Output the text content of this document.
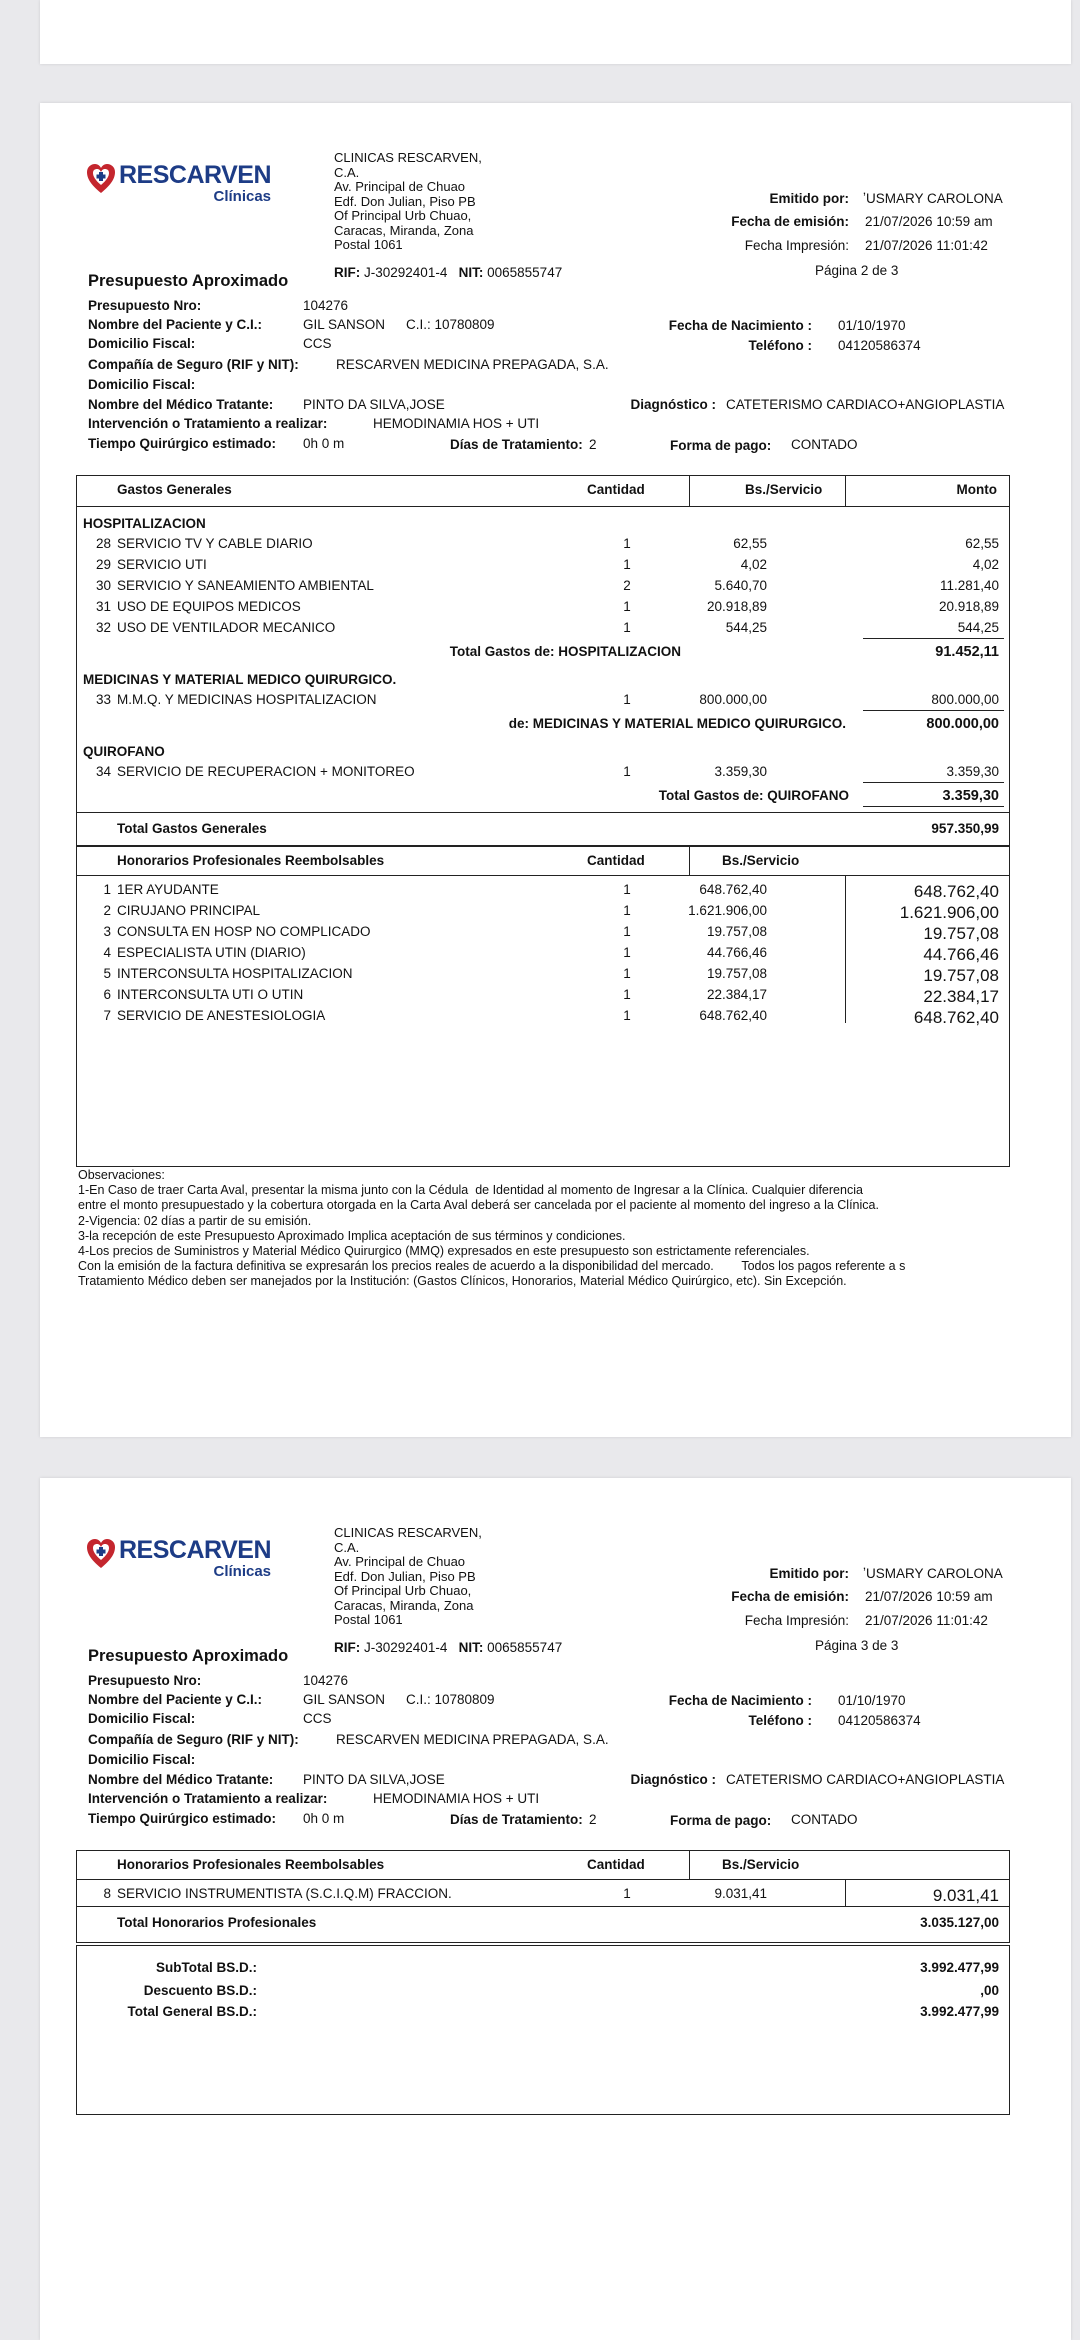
RESCARVEN
Clínicas
CLINICAS RESCARVEN,
C.A.
Av. Principal de Chuao
Edf. Don Julian, Piso PB
Of Principal Urb Chuao,
Caracas, Miranda, Zona
Postal 1061
RIF: J-30292401-4 NIT: 0065855747
Emitido por: ʼUSMARY CAROLONA
Fecha de emisión: 21/07/2026 10:59 am
Fecha Impresión: 21/07/2026 11:01:42
Página 2 de 3
Presupuesto Aproximado
Presupuesto Nro:	104276
Nombre del Paciente y C.I.:	GIL SANSON C.I.: 10780809	Fecha de Nacimiento : 01/10/1970
Domicilio Fiscal:	CCS	Teléfono : 04120586374
Compañía de Seguro (RIF y NIT):	RESCARVEN MEDICINA PREPAGADA, S.A.
Domicilio Fiscal:
Nombre del Médico Tratante: PINTO DA SILVA,JOSE	Diagnóstico : CATETERISMO CARDIACO+ANGIOPLASTIA
Intervención o Tratamiento a realizar:	HEMODINAMIA HOS + UTI
Tiempo Quirúrgico estimado: 0h 0 m	Días de Tratamiento: 2	Forma de pago: CONTADO
Gastos Generales	Cantidad	Bs./Servicio	Monto
HOSPITALIZACION
28 SERVICIO TV Y CABLE DIARIO	1	62,55	62,55
29 SERVICIO UTI	1	4,02	4,02
30 SERVICIO Y SANEAMIENTO AMBIENTAL	2	5.640,70	11.281,40
31 USO DE EQUIPOS MEDICOS	1	20.918,89	20.918,89
32 USO DE VENTILADOR MECANICO	1	544,25	544,25
Total Gastos de: HOSPITALIZACION	91.452,11
MEDICINAS Y MATERIAL MEDICO QUIRURGICO.
33 M.M.Q. Y MEDICINAS HOSPITALIZACION	1	800.000,00	800.000,00
de: MEDICINAS Y MATERIAL MEDICO QUIRURGICO.	800.000,00
QUIROFANO
34 SERVICIO DE RECUPERACION + MONITOREO	1	3.359,30	3.359,30
Total Gastos de: QUIROFANO	3.359,30
Total Gastos Generales	957.350,99
Honorarios Profesionales Reembolsables	Cantidad	Bs./Servicio
1 1ER AYUDANTE	1	648.762,40	648.762,40
2 CIRUJANO PRINCIPAL	1	1.621.906,00	1.621.906,00
3 CONSULTA EN HOSP NO COMPLICADO	1	19.757,08	19.757,08
4 ESPECIALISTA UTIN (DIARIO)	1	44.766,46	44.766,46
5 INTERCONSULTA HOSPITALIZACION	1	19.757,08	19.757,08
6 INTERCONSULTA UTI O UTIN	1	22.384,17	22.384,17
7 SERVICIO DE ANESTESIOLOGIA	1	648.762,40	648.762,40
Observaciones:
1-En Caso de traer Carta Aval, presentar la misma junto con la Cédula  de Identidad al momento de Ingresar a la Clínica. Cualquier diferencia
entre el monto presupuestado y la cobertura otorgada en la Carta Aval deberá ser cancelada por el paciente al momento del ingreso a la Clínica.
2-Vigencia: 02 días a partir de su emisión.
3-la recepción de este Presupuesto Aproximado Implica aceptación de sus términos y condiciones.
4-Los precios de Suministros y Material Médico Quirurgico (MMQ) expresados en este presupuesto son estrictamente referenciales.
Con la emisión de la factura definitiva se expresarán los precios reales de acuerdo a la disponibilidad del mercado.        Todos los pagos referente a s
Tratamiento Médico deben ser manejados por la Institución: (Gastos Clínicos, Honorarios, Material Médico Quirúrgico, etc). Sin Excepción.
RESCARVEN
Clínicas
CLINICAS RESCARVEN,
C.A.
Av. Principal de Chuao
Edf. Don Julian, Piso PB
Of Principal Urb Chuao,
Caracas, Miranda, Zona
Postal 1061
RIF: J-30292401-4 NIT: 0065855747
Emitido por: ʼUSMARY CAROLONA
Fecha de emisión: 21/07/2026 10:59 am
Fecha Impresión: 21/07/2026 11:01:42
Página 3 de 3
Presupuesto Aproximado
Presupuesto Nro:	104276
Nombre del Paciente y C.I.:	GIL SANSON C.I.: 10780809	Fecha de Nacimiento : 01/10/1970
Domicilio Fiscal:	CCS	Teléfono : 04120586374
Compañía de Seguro (RIF y NIT):	RESCARVEN MEDICINA PREPAGADA, S.A.
Domicilio Fiscal:
Nombre del Médico Tratante: PINTO DA SILVA,JOSE	Diagnóstico : CATETERISMO CARDIACO+ANGIOPLASTIA
Intervención o Tratamiento a realizar:	HEMODINAMIA HOS + UTI
Tiempo Quirúrgico estimado: 0h 0 m	Días de Tratamiento: 2	Forma de pago: CONTADO
Honorarios Profesionales Reembolsables	Cantidad	Bs./Servicio
8 SERVICIO INSTRUMENTISTA (S.C.I.Q.M) FRACCION.	1	9.031,41	9.031,41
Total Honorarios Profesionales	3.035.127,00
SubTotal BS.D.:	3.992.477,99
Descuento BS.D.:	,00
Total General BS.D.:	3.992.477,99
